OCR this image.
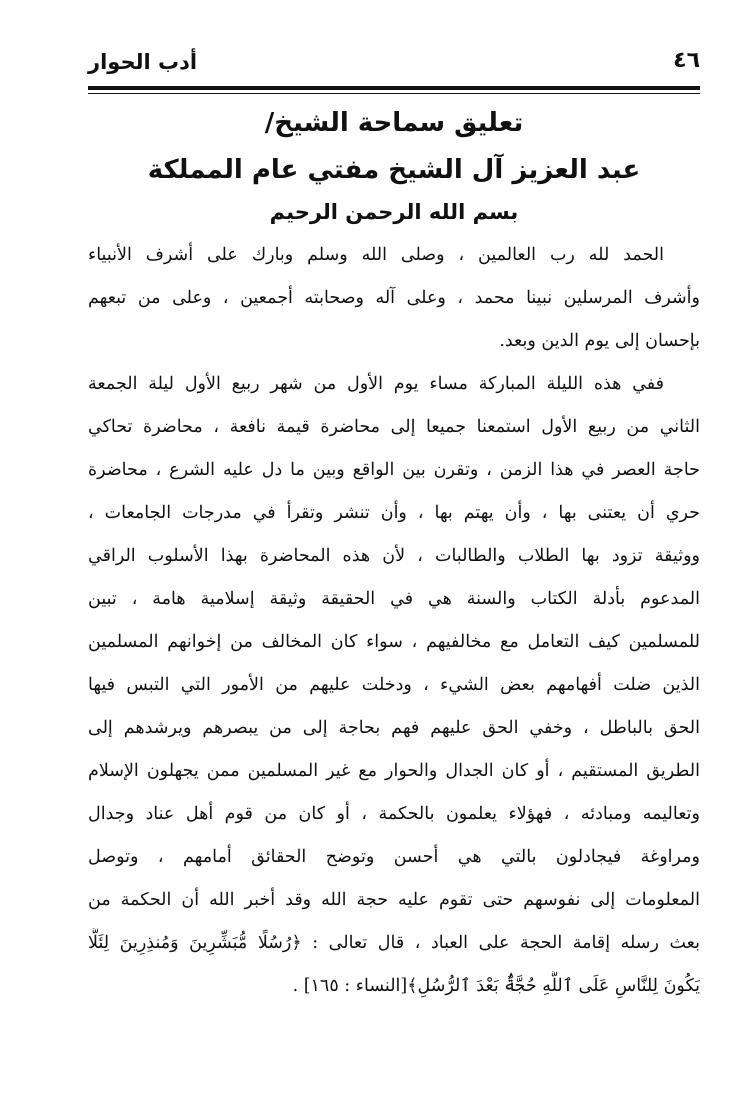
أدب الحوار	٤٦
تعليق سماحة الشيخ/
عبد العزيز آل الشيخ مفتي عام المملكة
بسم الله الرحمن الرحيم
الحمد لله رب العالمين ، وصلى الله وسلم وبارك على أشرف الأنبياء
وأشرف المرسلين نبينا محمد ، وعلى آله وصحابته أجمعين ، وعلى من تبعهم
بإحسان إلى يوم الدين وبعد.
ففي هذه الليلة المباركة مساء يوم الأول من شهر ربيع الأول ليلة الجمعة
الثاني من ربيع الأول استمعنا جميعا إلى محاضرة قيمة نافعة ، محاضرة تحاكي
حاجة العصر في هذا الزمن ، وتقرن بين الواقع وبين ما دل عليه الشرع ، محاضرة
حري أن يعتنى بها ، وأن يهتم بها ، وأن تنشر وتقرأ في مدرجات الجامعات ،
ووثيقة تزود بها الطلاب والطالبات ، لأن هذه المحاضرة بهذا الأسلوب الراقي
المدعوم بأدلة الكتاب والسنة هي في الحقيقة وثيقة إسلامية هامة ، تبين
للمسلمين كيف التعامل مع مخالفيهم ، سواء كان المخالف من إخوانهم المسلمين
الذين ضلت أفهامهم بعض الشيء ، ودخلت عليهم من الأمور التي التبس فيها
الحق بالباطل ، وخفي الحق عليهم فهم بحاجة إلى من يبصرهم ويرشدهم إلى
الطريق المستقيم ، أو كان الجدال والحوار مع غير المسلمين ممن يجهلون الإسلام
وتعاليمه ومبادئه ، فهؤلاء يعلمون بالحكمة ، أو كان من قوم أهل عناد وجدال
ومراوغة فيجادلون بالتي هي أحسن وتوضح الحقائق أمامهم ، وتوصل
المعلومات إلى نفوسهم حتى تقوم عليه حجة الله وقد أخبر الله أن الحكمة من
بعث رسله إقامة الحجة على العباد ، قال تعالى : ﴿رُسُلًا مُّبَشِّرِينَ وَمُنذِرِينَ لِئَلَّا
يَكُونَ لِلنَّاسِ عَلَى ٱللَّهِ حُجَّةٌۢ بَعْدَ ٱلرُّسُلِ﴾[النساء : ١٦٥] .
